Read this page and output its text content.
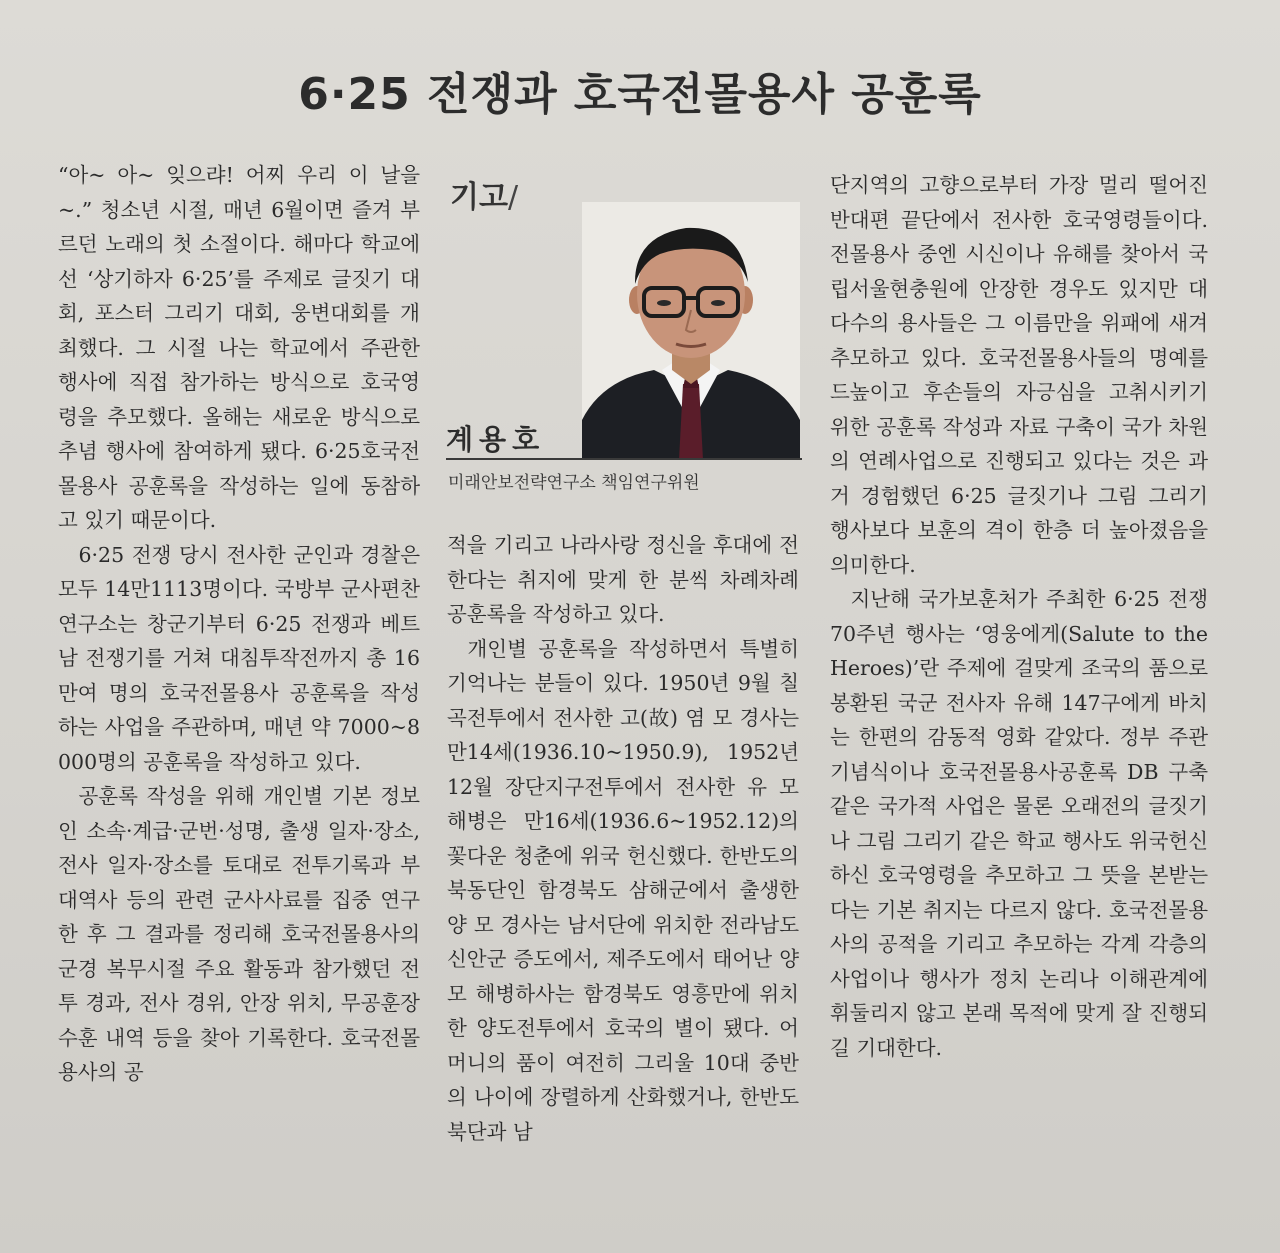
6·25 전쟁과 호국전몰용사 공훈록

“아~ 아~ 잊으랴! 어찌 우리 이 날을 ~.” 청소년 시절, 매년 6월이면 즐겨 부르던 노래의 첫 소절이다. 해마다 학교에선 ‘상기하자 6·25’를 주제로 글짓기 대회, 포스터 그리기 대회, 웅변대회를 개최했다. 그 시절 나는 학교에서 주관한 행사에 직접 참가하는 방식으로 호국영령을 추모했다. 올해는 새로운 방식으로 추념 행사에 참여하게 됐다. 6·25호국전몰용사 공훈록을 작성하는 일에 동참하고 있기 때문이다.

6·25 전쟁 당시 전사한 군인과 경찰은 모두 14만1113명이다. 국방부 군사편찬연구소는 창군기부터 6·25 전쟁과 베트남 전쟁기를 거쳐 대침투작전까지 총 16만여 명의 호국전몰용사 공훈록을 작성하는 사업을 주관하며, 매년 약 7000~8000명의 공훈록을 작성하고 있다.

공훈록 작성을 위해 개인별 기본 정보인 소속·계급·군번·성명, 출생 일자·장소, 전사 일자·장소를 토대로 전투기록과 부대역사 등의 관련 군사사료를 집중 연구한 후 그 결과를 정리해 호국전몰용사의 군경 복무시절 주요 활동과 참가했던 전투 경과, 전사 경위, 안장 위치, 무공훈장 수훈 내역 등을 찾아 기록한다. 호국전몰용사의 공

기고/
계용호
미래안보전략연구소 책임연구위원

적을 기리고 나라사랑 정신을 후대에 전한다는 취지에 맞게 한 분씩 차례차례 공훈록을 작성하고 있다.

개인별 공훈록을 작성하면서 특별히 기억나는 분들이 있다. 1950년 9월 칠곡전투에서 전사한 고(故) 염 모 경사는 만14세(1936.10~1950.9), 1952년 12월 장단지구전투에서 전사한 유 모 해병은 만16세(1936.6~1952.12)의 꽃다운 청춘에 위국 헌신했다. 한반도의 북동단인 함경북도 삼해군에서 출생한 양 모 경사는 남서단에 위치한 전라남도 신안군 증도에서, 제주도에서 태어난 양 모 해병하사는 함경북도 영흥만에 위치한 양도전투에서 호국의 별이 됐다. 어머니의 품이 여전히 그리울 10대 중반의 나이에 장렬하게 산화했거나, 한반도 북단과 남

단지역의 고향으로부터 가장 멀리 떨어진 반대편 끝단에서 전사한 호국영령들이다. 전몰용사 중엔 시신이나 유해를 찾아서 국립서울현충원에 안장한 경우도 있지만 대다수의 용사들은 그 이름만을 위패에 새겨 추모하고 있다. 호국전몰용사들의 명예를 드높이고 후손들의 자긍심을 고취시키기 위한 공훈록 작성과 자료 구축이 국가 차원의 연례사업으로 진행되고 있다는 것은 과거 경험했던 6·25 글짓기나 그림 그리기 행사보다 보훈의 격이 한층 더 높아졌음을 의미한다.

지난해 국가보훈처가 주최한 6·25 전쟁 70주년 행사는 ‘영웅에게(Salute to the Heroes)’란 주제에 걸맞게 조국의 품으로 봉환된 국군 전사자 유해 147구에게 바치는 한편의 감동적 영화 같았다. 정부 주관 기념식이나 호국전몰용사공훈록 DB 구축 같은 국가적 사업은 물론 오래전의 글짓기나 그림 그리기 같은 학교 행사도 위국헌신하신 호국영령을 추모하고 그 뜻을 본받는다는 기본 취지는 다르지 않다. 호국전몰용사의 공적을 기리고 추모하는 각계 각층의 사업이나 행사가 정치 논리나 이해관계에 휘둘리지 않고 본래 목적에 맞게 잘 진행되길 기대한다.
